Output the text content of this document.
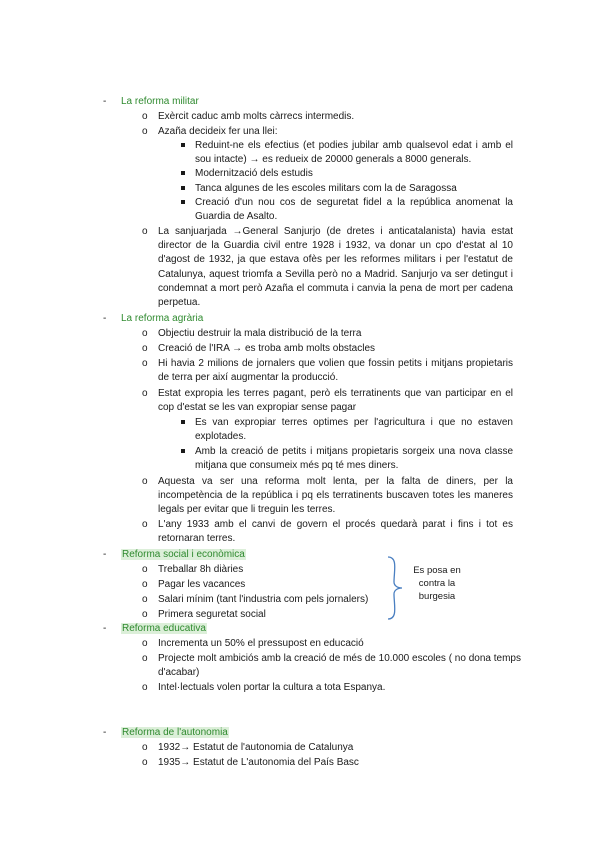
- La reforma militar
o Exèrcit caduc amb molts càrrecs intermedis.
o Azaña decideix fer una llei:
Reduint-ne els efectius (et podies jubilar amb qualsevol edat i amb el
sou intacte) → es redueix de 20000 generals a 8000 generals.
Modernització dels estudis
Tanca algunes de les escoles militars com la de Saragossa
Creació d'un nou cos de seguretat fidel a la república anomenat la
Guardia de Asalto.
o La sanjuarjada →General Sanjurjo (de dretes i anticatalanista) havia estat
director de la Guardia civil entre 1928 i 1932, va donar un cpo d'estat al 10
d'agost de 1932, ja que estava ofès per les reformes militars i per l'estatut de
Catalunya, aquest triomfa a Sevilla però no a Madrid. Sanjurjo va ser detingut i
condemnat a mort però Azaña el commuta i canvia la pena de mort per cadena
perpetua.
- La reforma agrària
o Objectiu destruir la mala distribució de la terra
o Creació de l'IRA → es troba amb molts obstacles
o Hi havia 2 milions de jornalers que volien que fossin petits i mitjans propietaris
de terra per així augmentar la producció.
o Estat expropia les terres pagant, però els terratinents que van participar en el
cop d'estat se les van expropiar sense pagar
Es van expropiar terres optimes per l'agricultura i que no estaven
explotades.
Amb la creació de petits i mitjans propietaris sorgeix una nova classe
mitjana que consumeix més pq té mes diners.
o Aquesta va ser una reforma molt lenta, per la falta de diners, per la
incompetència de la república i pq els terratinents buscaven totes les maneres
legals per evitar que li treguin les terres.
o L'any 1933 amb el canvi de govern el procés quedarà parat i fins i tot es
retornaran terres.
- Reforma social i econòmica
o Treballar 8h diàries
o Pagar les vacances
o Salari mínim (tant l'industria com pels jornalers)
o Primera seguretat social
Es posa en
contra la
burgesia
- Reforma educativa
o Incrementa un 50% el pressupost en educació
o Projecte molt ambiciós amb la creació de més de 10.000 escoles ( no dona temps
d'acabar)
o Intel·lectuals volen portar la cultura a tota Espanya.
- Reforma de l'autonomia
o 1932→ Estatut de l'autonomia de Catalunya
o 1935→ Estatut de L'autonomia del País Basc
